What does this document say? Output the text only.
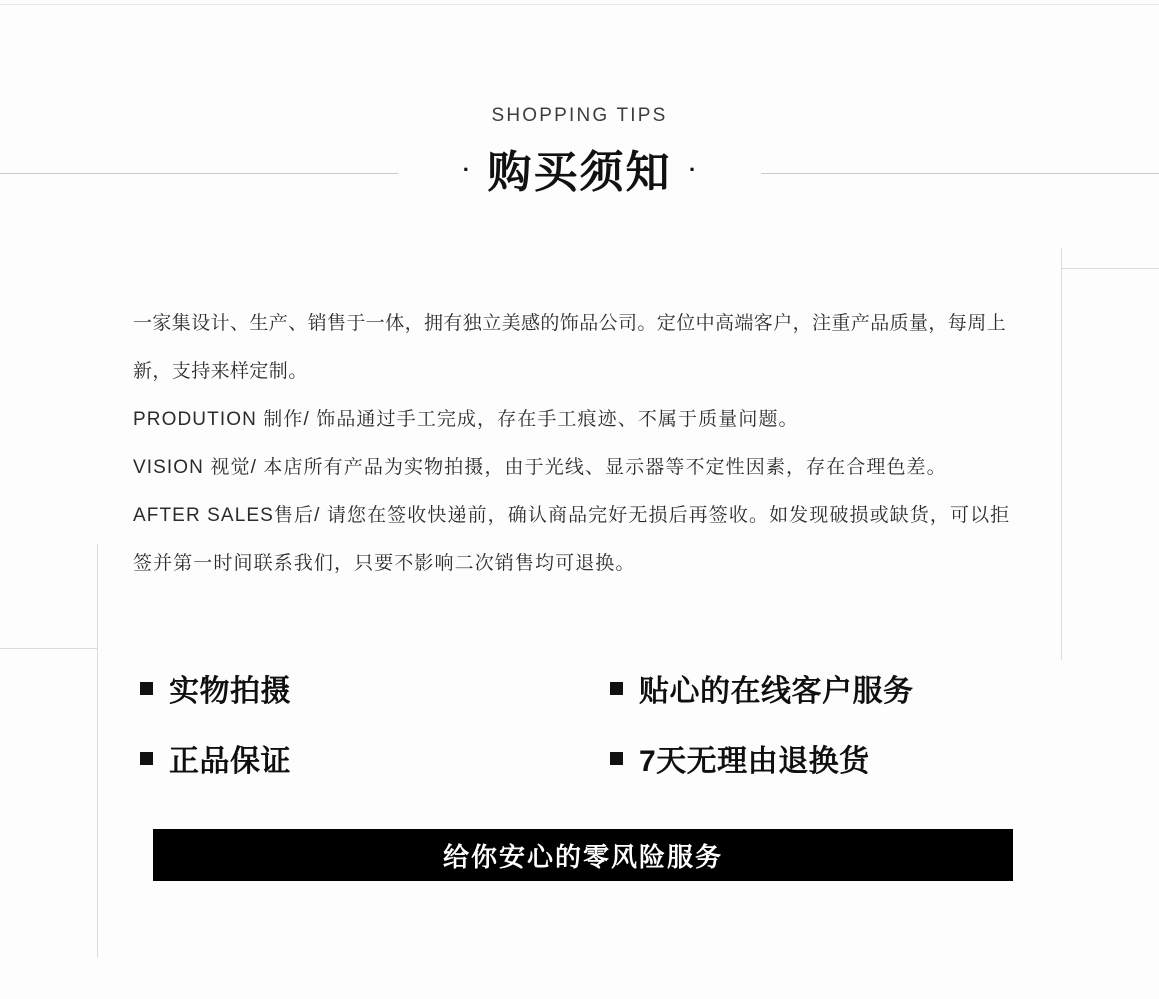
SHOPPING TIPS
· 购买须知 ·

一家集设计、生产、销售于一体，拥有独立美感的饰品公司。定位中高端客户，注重产品质量，每周上新，支持来样定制。

PRODUTION 制作/ 饰品通过手工完成，存在手工痕迹、不属于质量问题。

VISION 视觉/ 本店所有产品为实物拍摄，由于光线、显示器等不定性因素，存在合理色差。

AFTER SALES售后/ 请您在签收快递前，确认商品完好无损后再签收。如发现破损或缺货，可以拒签并第一时间联系我们，只要不影响二次销售均可退换。

实物拍摄	贴心的在线客户服务
正品保证	7天无理由退换货
给你安心的零风险服务
